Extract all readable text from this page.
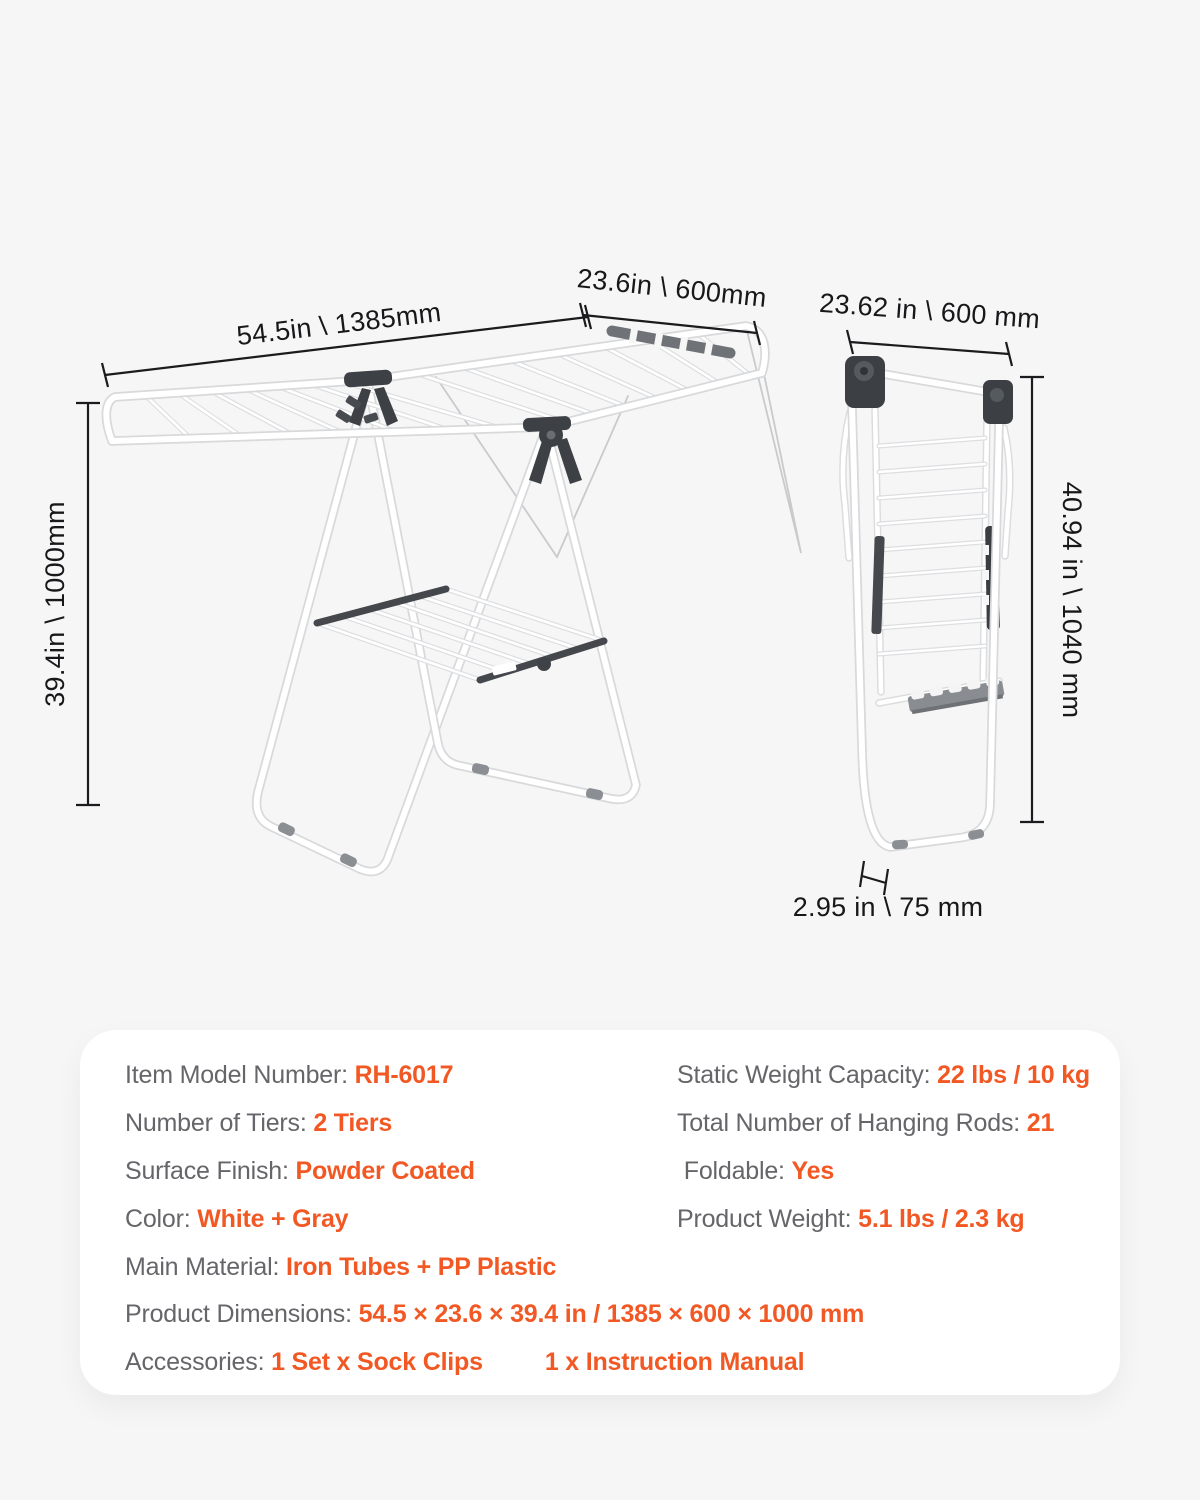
54.5in \ 1385mm
23.6in \ 600mm
39.4in \ 1000mm
23.62 in \ 600 mm
40.94 in \ 1040 mm
2.95 in \ 75 mm
Item Model Number: RH-6017
Number of Tiers: 2 Tiers
Surface Finish: Powder Coated
Color: White + Gray
Main Material: Iron Tubes + PP Plastic
Static Weight Capacity: 22 lbs / 10 kg
Total Number of Hanging Rods: 21
Foldable: Yes
Product Weight: 5.1 lbs / 2.3 kg
Product Dimensions: 54.5 × 23.6 × 39.4 in / 1385 × 600 × 1000 mm
Accessories: 1 Set x Sock Clips 1 x Instruction Manual
